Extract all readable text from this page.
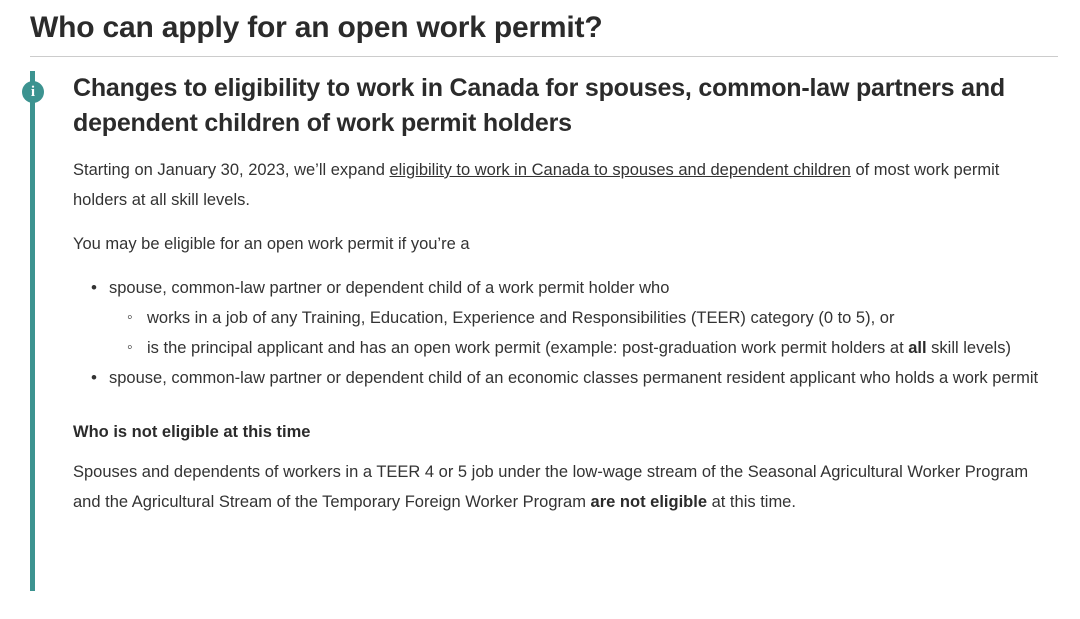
Who can apply for an open work permit?
i	Changes to eligibility to work in Canada for spouses, common-law partners and dependent children of work permit holders

Starting on January 30, 2023, we’ll expand eligibility to work in Canada to spouses and dependent children of most work permit holders at all skill levels.

You may be eligible for an open work permit if you’re a

• spouse, common-law partner or dependent child of a work permit holder who
◦ works in a job of any Training, Education, Experience and Responsibilities (TEER) category (0 to 5), or
◦ is the principal applicant and has an open work permit (example: post-graduation work permit holders at all skill levels)
• spouse, common-law partner or dependent child of an economic classes permanent resident applicant who holds a work permit
Who is not eligible at this time

Spouses and dependents of workers in a TEER 4 or 5 job under the low-wage stream of the Seasonal Agricultural Worker Program and the Agricultural Stream of the Temporary Foreign Worker Program are not eligible at this time.
